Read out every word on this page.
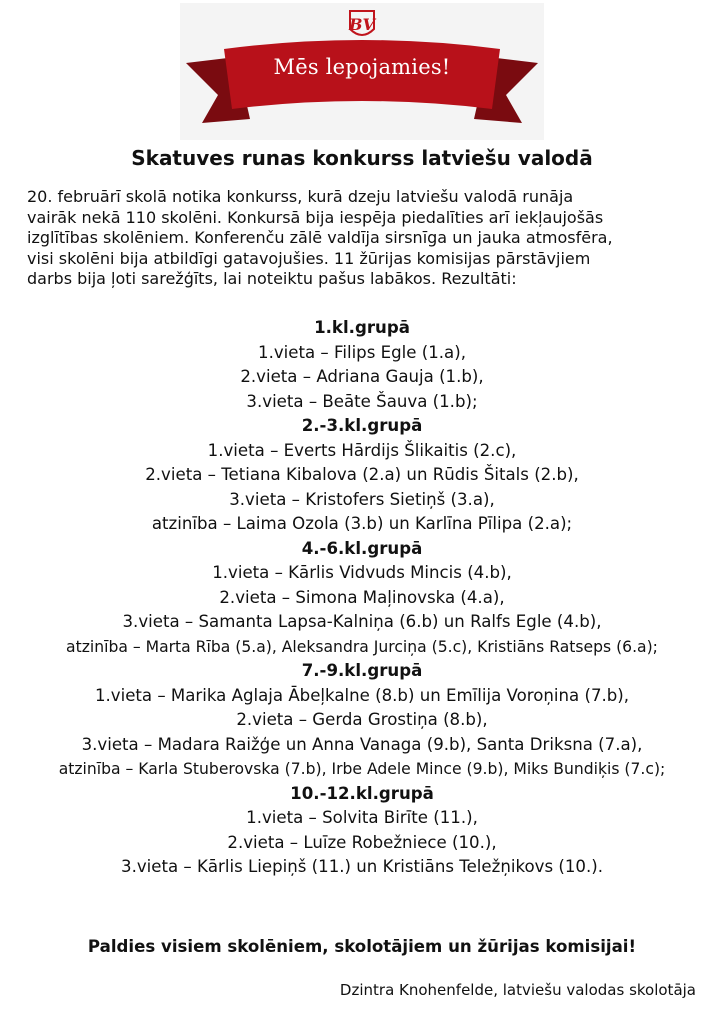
BV
Mēs lepojamies!
Skatuves runas konkurss latviešu valodā
20. februārī skolā notika konkurss, kurā dzeju latviešu valodā runāja
vairāk nekā 110 skolēni. Konkursā bija iespēja piedalīties arī iekļaujošās
izglītības skolēniem. Konferenču zālē valdīja sirsnīga un jauka atmosfēra,
visi skolēni bija atbildīgi gatavojušies. 11 žūrijas komisijas pārstāvjiem
darbs bija ļoti sarežģīts, lai noteiktu pašus labākos. Rezultāti:
1.kl.grupā
1.vieta – Filips Egle (1.a),
2.vieta – Adriana Gauja (1.b),
3.vieta – Beāte Šauva (1.b);
2.-3.kl.grupā
1.vieta – Everts Hārdijs Šlikaitis (2.c),
2.vieta – Tetiana Kibalova (2.a) un Rūdis Šitals (2.b),
3.vieta – Kristofers Sietiņš (3.a),
atzinība – Laima Ozola (3.b) un Karlīna Pīlipa (2.a);
4.-6.kl.grupā
1.vieta – Kārlis Vidvuds Mincis (4.b),
2.vieta – Simona Maļinovska (4.a),
3.vieta – Samanta Lapsa-Kalniņa (6.b) un Ralfs Egle (4.b),
atzinība – Marta Rība (5.a), Aleksandra Jurciņa (5.c), Kristiāns Ratseps (6.a);
7.-9.kl.grupā
1.vieta – Marika Aglaja Ābeļkalne (8.b) un Emīlija Voroņina (7.b),
2.vieta – Gerda Grostiņa (8.b),
3.vieta – Madara Raižģe un Anna Vanaga (9.b), Santa Driksna (7.a),
atzinība – Karla Stuberovska (7.b), Irbe Adele Mince (9.b), Miks Bundiķis (7.c);
10.-12.kl.grupā
1.vieta – Solvita Birīte (11.),
2.vieta – Luīze Robežniece (10.),
3.vieta – Kārlis Liepiņš (11.) un Kristiāns Teležņikovs (10.).
Paldies visiem skolēniem, skolotājiem un žūrijas komisijai!
Dzintra Knohenfelde, latviešu valodas skolotāja
